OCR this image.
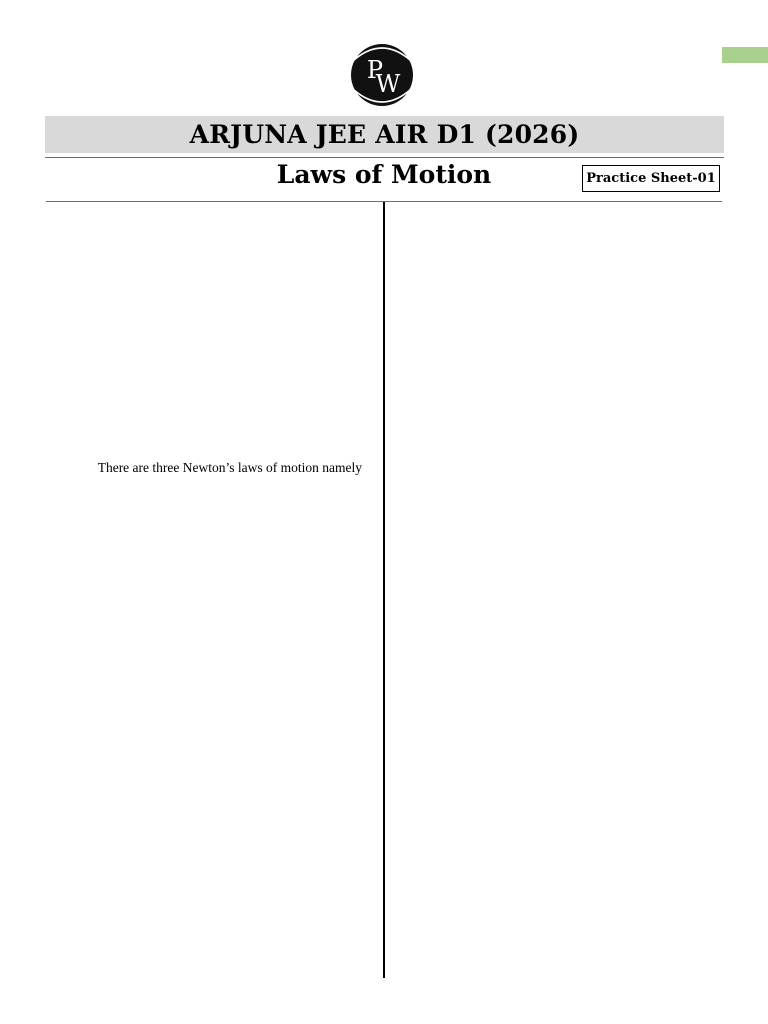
P
W
ARJUNA JEE AIR D1 (2026)
Laws of Motion	Practice Sheet-01
There are three Newton’s laws of motion namely
